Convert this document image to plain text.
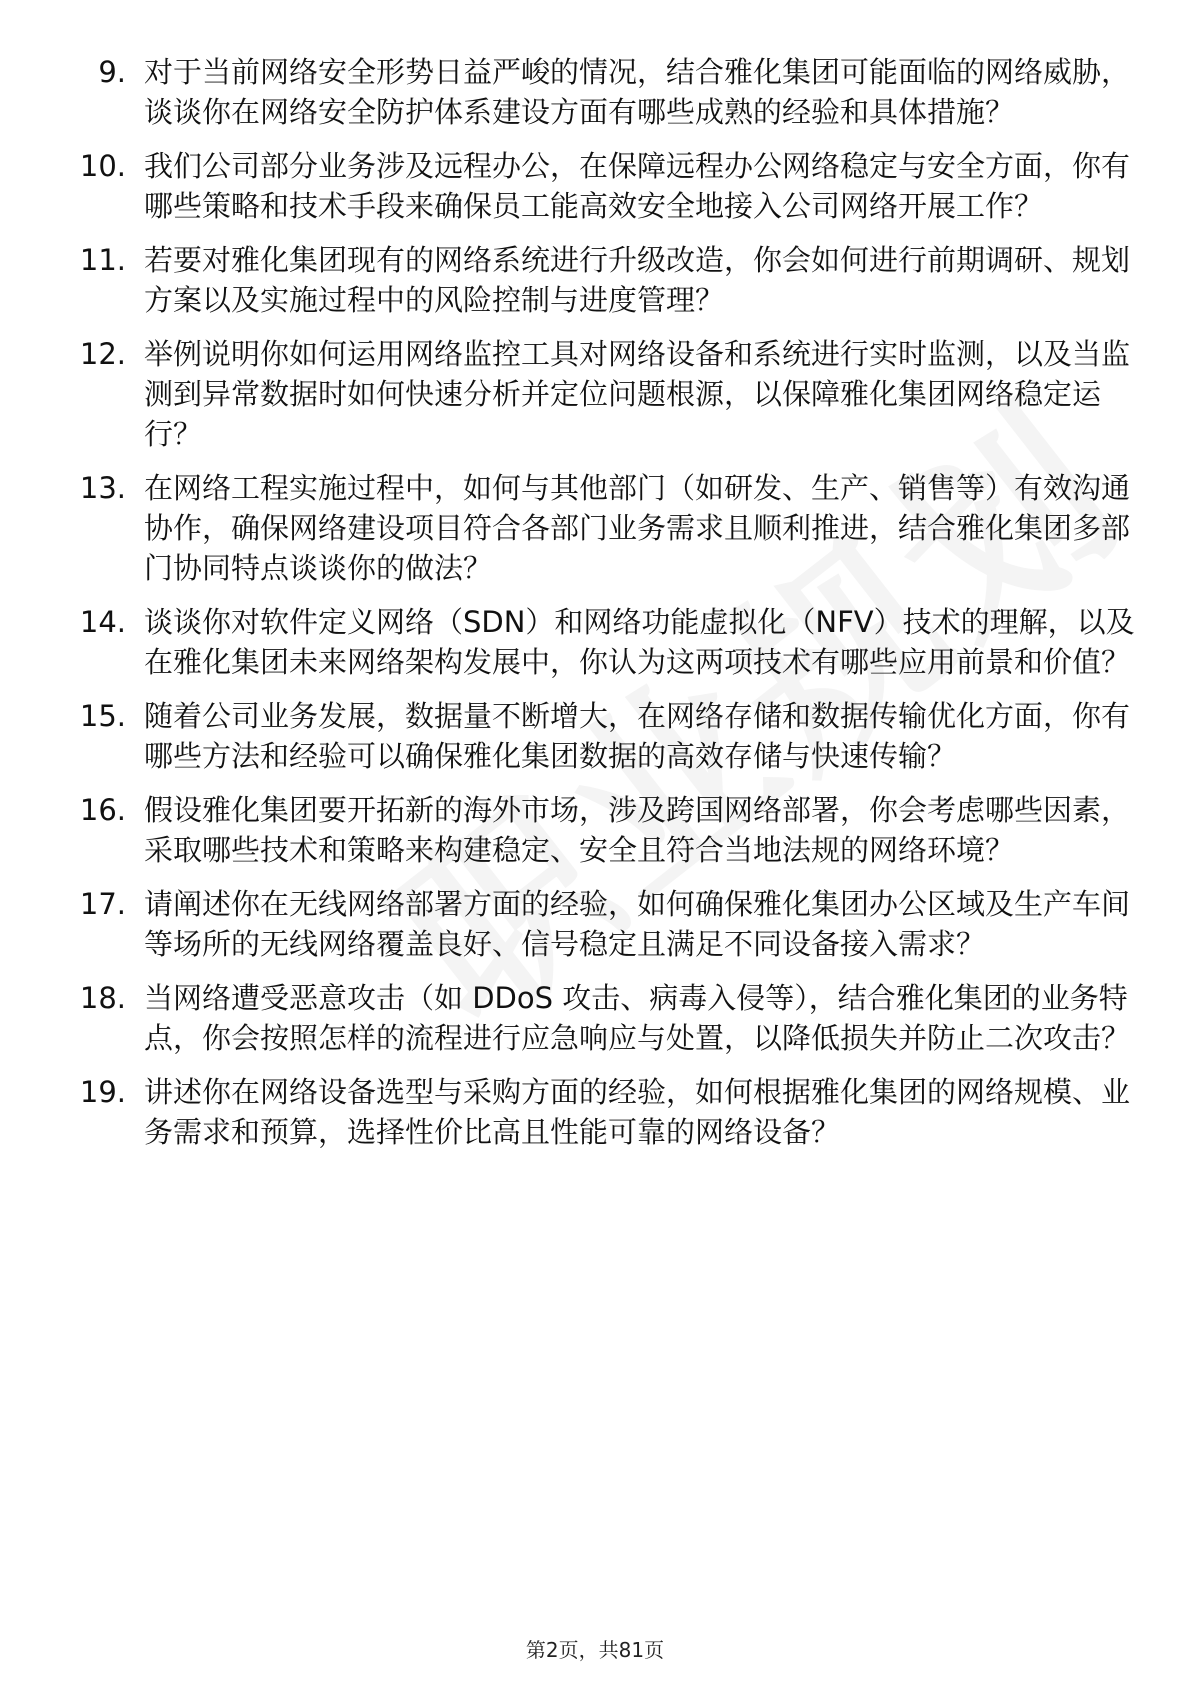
9. 对于当前网络安全形势日益严峻的情况，结合雅化集团可能面临的网络威胁，谈谈你在网络安全防护体系建设方面有哪些成熟的经验和具体措施？
10. 我们公司部分业务涉及远程办公，在保障远程办公网络稳定与安全方面，你有哪些策略和技术手段来确保员工能高效安全地接入公司网络开展工作？
11. 若要对雅化集团现有的网络系统进行升级改造，你会如何进行前期调研、规划方案以及实施过程中的风险控制与进度管理？
12. 举例说明你如何运用网络监控工具对网络设备和系统进行实时监测，以及当监测到异常数据时如何快速分析并定位问题根源，以保障雅化集团网络稳定运行？
13. 在网络工程实施过程中，如何与其他部门（如研发、生产、销售等）有效沟通协作，确保网络建设项目符合各部门业务需求且顺利推进，结合雅化集团多部门协同特点谈谈你的做法？
14. 谈谈你对软件定义网络（SDN）和网络功能虚拟化（NFV）技术的理解，以及在雅化集团未来网络架构发展中，你认为这两项技术有哪些应用前景和价值？
15. 随着公司业务发展，数据量不断增大，在网络存储和数据传输优化方面，你有哪些方法和经验可以确保雅化集团数据的高效存储与快速传输？
16. 假设雅化集团要开拓新的海外市场，涉及跨国网络部署，你会考虑哪些因素，采取哪些技术和策略来构建稳定、安全且符合当地法规的网络环境？
17. 请阐述你在无线网络部署方面的经验，如何确保雅化集团办公区域及生产车间等场所的无线网络覆盖良好、信号稳定且满足不同设备接入需求？
18. 当网络遭受恶意攻击（如 DDoS 攻击、病毒入侵等），结合雅化集团的业务特点，你会按照怎样的流程进行应急响应与处置，以降低损失并防止二次攻击？
19. 讲述你在网络设备选型与采购方面的经验，如何根据雅化集团的网络规模、业务需求和预算，选择性价比高且性能可靠的网络设备？
第2页，共81页
